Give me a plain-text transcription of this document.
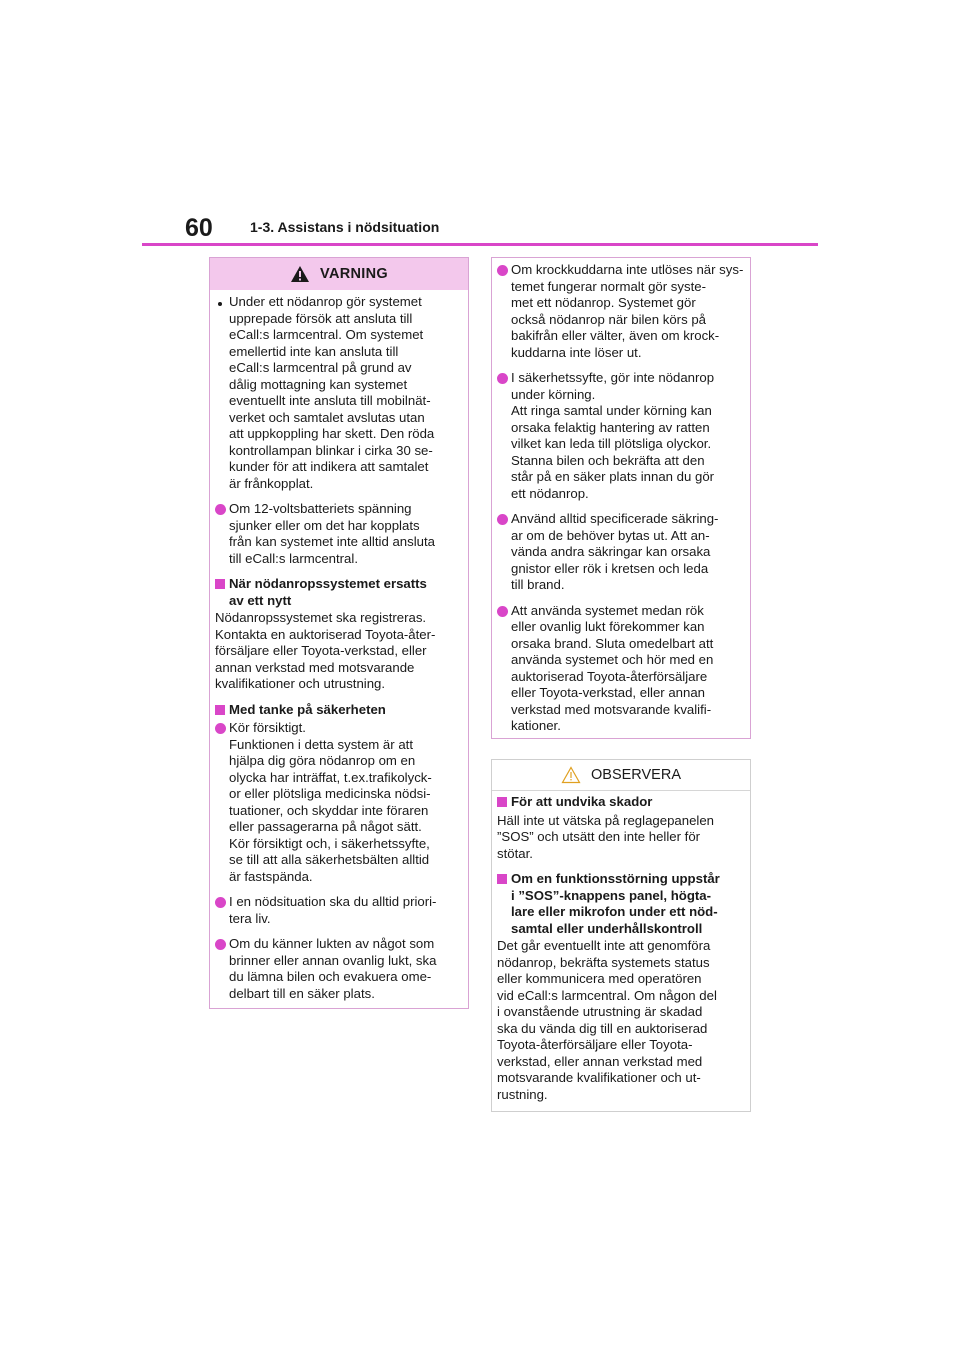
60	1-3. Assistans i nödsituation
VARNING
Under ett nödanrop gör systemet
upprepade försök att ansluta till
eCall:s larmcentral. Om systemet
emellertid inte kan ansluta till
eCall:s larmcentral på grund av
dålig mottagning kan systemet
eventuellt inte ansluta till mobilnät-
verket och samtalet avslutas utan
att uppkoppling har skett. Den röda
kontrollampan blinkar i cirka 30 se-
kunder för att indikera att samtalet
är frånkopplat.
Om 12-voltsbatteriets spänning
sjunker eller om det har kopplats
från kan systemet inte alltid ansluta
till eCall:s larmcentral.
När nödanropssystemet ersatts
av ett nytt
Nödanropssystemet ska registreras.
Kontakta en auktoriserad Toyota-åter-
försäljare eller Toyota-verkstad, eller
annan verkstad med motsvarande
kvalifikationer och utrustning.
Med tanke på säkerheten
Kör försiktigt.
Funktionen i detta system är att
hjälpa dig göra nödanrop om en
olycka har inträffat, t.ex.trafikolyck-
or eller plötsliga medicinska nödsi-
tuationer, och skyddar inte föraren
eller passagerarna på något sätt.
Kör försiktigt och, i säkerhetssyfte,
se till att alla säkerhetsbälten alltid
är fastspända.
I en nödsituation ska du alltid priori-
tera liv.
Om du känner lukten av något som
brinner eller annan ovanlig lukt, ska
du lämna bilen och evakuera ome-
delbart till en säker plats.
Om krockkuddarna inte utlöses när sys-
temet fungerar normalt gör syste-
met ett nödanrop. Systemet gör
också nödanrop när bilen körs på
bakifrån eller välter, även om krock-
kuddarna inte löser ut.
I säkerhetssyfte, gör inte nödanrop
under körning.
Att ringa samtal under körning kan
orsaka felaktig hantering av ratten
vilket kan leda till plötsliga olyckor.
Stanna bilen och bekräfta att den
står på en säker plats innan du gör
ett nödanrop.
Använd alltid specificerade säkring-
ar om de behöver bytas ut. Att an-
vända andra säkringar kan orsaka
gnistor eller rök i kretsen och leda
till brand.
Att använda systemet medan rök
eller ovanlig lukt förekommer kan
orsaka brand. Sluta omedelbart att
använda systemet och hör med en
auktoriserad Toyota-återförsäljare
eller Toyota-verkstad, eller annan
verkstad med motsvarande kvalifi-
kationer.
OBSERVERA
För att undvika skador
Häll inte ut vätska på reglagepanelen
”SOS” och utsätt den inte heller för
stötar.
Om en funktionsstörning uppstår
i ”SOS”-knappens panel, högta-
lare eller mikrofon under ett nöd-
samtal eller underhållskontroll
Det går eventuellt inte att genomföra
nödanrop, bekräfta systemets status
eller kommunicera med operatören
vid eCall:s larmcentral. Om någon del
i ovanstående utrustning är skadad
ska du vända dig till en auktoriserad
Toyota-återförsäljare eller Toyota-
verkstad, eller annan verkstad med
motsvarande kvalifikationer och ut-
rustning.
